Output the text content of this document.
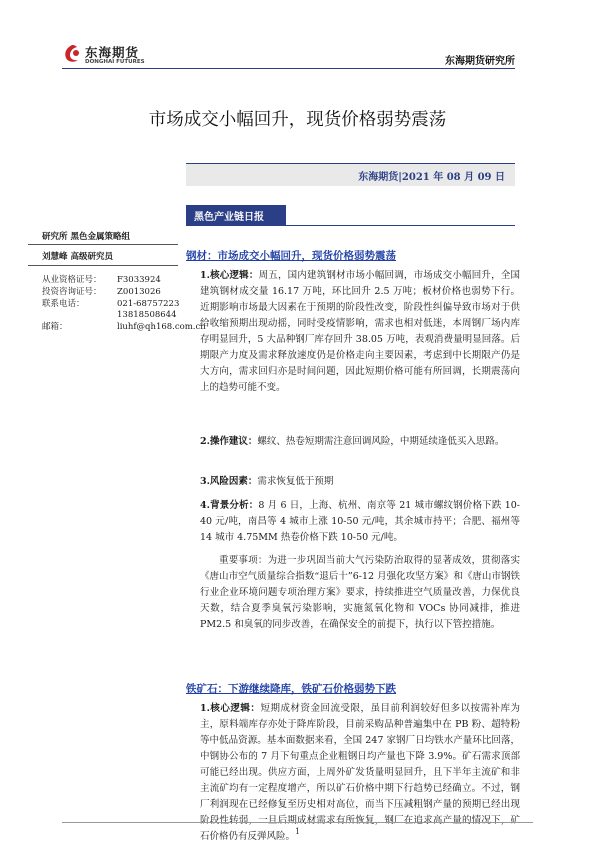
东海期货
DONGHAI FUTURES	东海期货研究所
市场成交小幅回升，现货价格弱势震荡
东海期货|2021 年 08 月 09 日
黑色产业链日报
研究所 黑色金属策略组
刘慧峰 高级研究员
从业资格证号： F3033924
投资咨询证号： Z0013026
联系电话：	021-68757223
13818508644
邮箱：	liuhf@qh168.com.cn
钢材：市场成交小幅回升，现货价格弱势震荡
1.核心逻辑：周五，国内建筑钢材市场小幅回调，市场成交小幅回升，全国建筑钢材成交量 16.17 万吨，环比回升 2.5 万吨；板材价格也弱势下行。近期影响市场最大因素在于预期的阶段性改变，阶段性纠偏导致市场对于供给收缩预期出现动摇，同时受疫情影响，需求也相对低迷，本周钢厂场内库存明显回升，5 大品种钢厂库存回升 38.05 万吨，表观消费量明显回落。后期限产力度及需求释放速度仍是价格走向主要因素，考虑到中长期限产仍是大方向，需求回归亦是时间问题，因此短期价格可能有所回调，长期震荡向上的趋势可能不变。
2.操作建议：螺纹、热卷短期需注意回调风险，中期延续逢低买入思路。
3.风险因素：需求恢复低于预期
4.背景分析：8 月 6 日，上海、杭州、南京等 21 城市螺纹钢价格下跌 10-40 元/吨，南昌等 4 城市上涨 10-50 元/吨，其余城市持平；合肥、福州等 14 城市 4.75MM 热卷价格下跌 10-50 元/吨。
重要事项：为进一步巩固当前大气污染防治取得的显著成效，贯彻落实《唐山市空气质量综合指数“退后十”6-12 月强化攻坚方案》和《唐山市钢铁行业企业环境问题专项治理方案》要求，持续推进空气质量改善，力保优良天数，结合夏季臭氧污染影响，实施氮氧化物和 VOCs 协同减排，推进 PM2.5 和臭氧的同步改善，在确保安全的前提下，执行以下管控措施。
铁矿石：下游继续降库，铁矿石价格弱势下跌
1.核心逻辑：短期成材资金回流受限，虽目前利润较好但多以按需补库为主，原料端库存亦处于降库阶段，目前采购品种普遍集中在 PB 粉、超特粉等中低品资源。基本面数据来看，全国 247 家钢厂日均铁水产量环比回落，中钢协公布的 7 月下旬重点企业粗钢日均产量也下降 3.9%。矿石需求顶部可能已经出现。供应方面，上周外矿发货量明显回升，且下半年主流矿和非主流矿均有一定程度增产，所以矿石价格中期下行趋势已经确立。不过，钢厂利润现在已经修复至历史相对高位，而当下压减粗钢产量的预期已经出现阶段性转弱，一旦后期成材需求有所恢复，钢厂在追求高产量的情况下，矿石价格仍有反弹风险。 1
